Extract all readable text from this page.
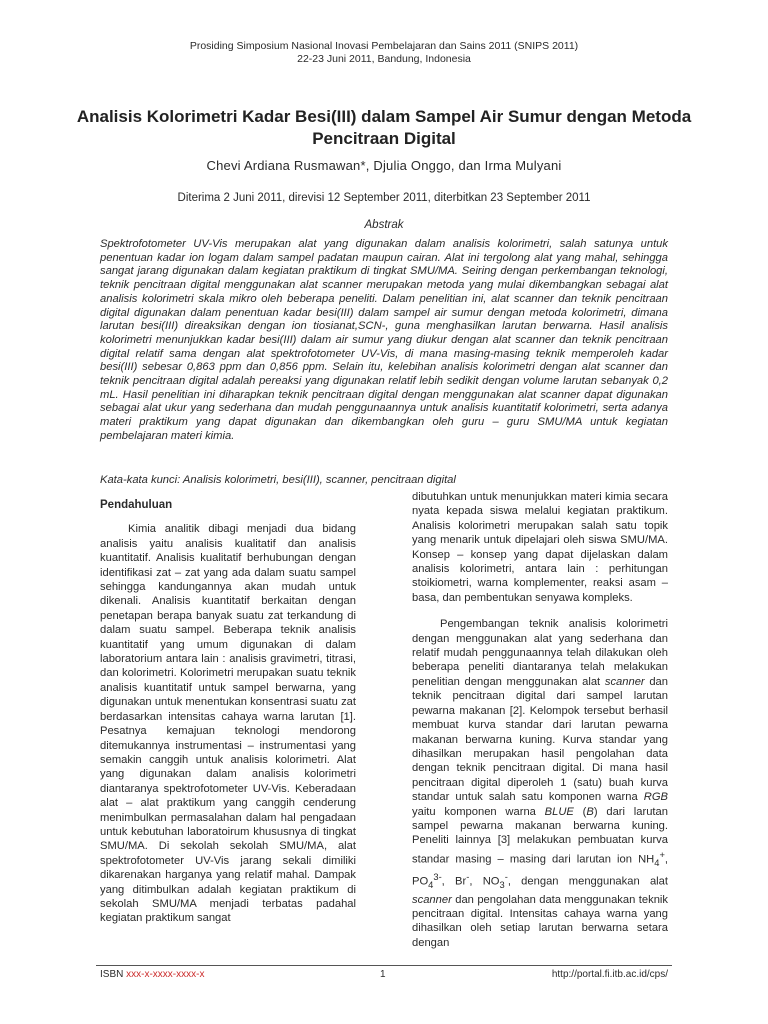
Prosiding Simposium Nasional Inovasi Pembelajaran dan Sains 2011 (SNIPS 2011)
22-23 Juni 2011, Bandung, Indonesia
Analisis Kolorimetri Kadar Besi(III) dalam Sampel Air Sumur dengan Metoda Pencitraan Digital
Chevi Ardiana Rusmawan*, Djulia Onggo, dan Irma Mulyani
Diterima 2 Juni 2011, direvisi 12 September 2011, diterbitkan 23 September 2011
Abstrak

Spektrofotometer UV-Vis merupakan alat yang digunakan dalam analisis kolorimetri, salah satunya untuk penentuan kadar ion logam dalam sampel padatan maupun cairan. Alat ini tergolong alat yang mahal, sehingga sangat jarang digunakan dalam kegiatan praktikum di tingkat SMU/MA. Seiring dengan perkembangan teknologi, teknik pencitraan digital menggunakan alat scanner merupakan metoda yang mulai dikembangkan sebagai alat analisis kolorimetri skala mikro oleh beberapa peneliti. Dalam penelitian ini, alat scanner dan teknik pencitraan digital digunakan dalam penentuan kadar besi(III) dalam sampel air sumur dengan metoda kolorimetri, dimana larutan besi(III) direaksikan dengan ion tiosianat,SCN-, guna menghasilkan larutan berwarna. Hasil analisis kolorimetri menunjukkan kadar besi(III) dalam air sumur yang diukur dengan alat scanner dan teknik pencitraan digital relatif sama dengan alat spektrofotometer UV-Vis, di mana masing-masing teknik memperoleh kadar besi(III) sebesar 0,863 ppm dan 0,856 ppm. Selain itu, kelebihan analisis kolorimetri dengan alat scanner dan teknik pencitraan digital adalah pereaksi yang digunakan relatif lebih sedikit dengan volume larutan sebanyak 0,2 mL. Hasil penelitian ini diharapkan teknik pencitraan digital dengan menggunakan alat scanner dapat digunakan sebagai alat ukur yang sederhana dan mudah penggunaannya untuk analisis kuantitatif kolorimetri, serta adanya materi praktikum yang dapat digunakan dan dikembangkan oleh guru – guru SMU/MA untuk kegiatan pembelajaran materi kimia.

Kata-kata kunci: Analisis kolorimetri, besi(III), scanner, pencitraan digital

Pendahuluan

Kimia analitik dibagi menjadi dua bidang analisis yaitu analisis kualitatif dan analisis kuantitatif. Analisis kualitatif berhubungan dengan identifikasi zat – zat yang ada dalam suatu sampel sehingga kandungannya akan mudah untuk dikenali. Analisis kuantitatif berkaitan dengan penetapan berapa banyak suatu zat terkandung di dalam suatu sampel. Beberapa teknik analisis kuantitatif yang umum digunakan di dalam laboratorium antara lain : analisis gravimetri, titrasi, dan kolorimetri. Kolorimetri merupakan suatu teknik analisis kuantitatif untuk sampel berwarna, yang digunakan untuk menentukan konsentrasi suatu zat berdasarkan intensitas cahaya warna larutan [1]. Pesatnya kemajuan teknologi mendorong ditemukannya instrumentasi – instrumentasi yang semakin canggih untuk analisis kolorimetri. Alat yang digunakan dalam analisis kolorimetri diantaranya spektrofotometer UV-Vis. Keberadaan alat – alat praktikum yang canggih cenderung menimbulkan permasalahan dalam hal pengadaan untuk kebutuhan laboratoirum khususnya di tingkat SMU/MA. Di sekolah sekolah SMU/MA, alat spektrofotometer UV-Vis jarang sekali dimiliki dikarenakan harganya yang relatif mahal. Dampak yang ditimbulkan adalah kegiatan praktikum di sekolah SMU/MA menjadi terbatas padahal kegiatan praktikum sangat

dibutuhkan untuk menunjukkan materi kimia secara nyata kepada siswa melalui kegiatan praktikum. Analisis kolorimetri merupakan salah satu topik yang menarik untuk dipelajari oleh siswa SMU/MA. Konsep – konsep yang dapat dijelaskan dalam analisis kolorimetri, antara lain : perhitungan stoikiometri, warna komplementer, reaksi asam – basa, dan pembentukan senyawa kompleks.

Pengembangan teknik analisis kolorimetri dengan menggunakan alat yang sederhana dan relatif mudah penggunaannya telah dilakukan oleh beberapa peneliti diantaranya telah melakukan penelitian dengan menggunakan alat scanner dan teknik pencitraan digital dari sampel larutan pewarna makanan [2]. Kelompok tersebut berhasil membuat kurva standar dari larutan pewarna makanan berwarna kuning. Kurva standar yang dihasilkan merupakan hasil pengolahan data dengan teknik pencitraan digital. Di mana hasil pencitraan digital diperoleh 1 (satu) buah kurva standar untuk salah satu komponen warna RGB yaitu komponen warna BLUE (B) dari larutan sampel pewarna makanan berwarna kuning. Peneliti lainnya [3] melakukan pembuatan kurva standar masing – masing dari larutan ion $NH_4^+$, $PO_4^{3-}$, Br-, $NO_3^-$, dengan menggunakan alat scanner dan pengolahan data menggunakan teknik pencitraan digital. Intensitas cahaya warna yang dihasilkan oleh setiap larutan berwarna setara dengan

ISBN xxx-x-xxxx-xxxx-x	1	http://portal.fi.itb.ac.id/cps/
